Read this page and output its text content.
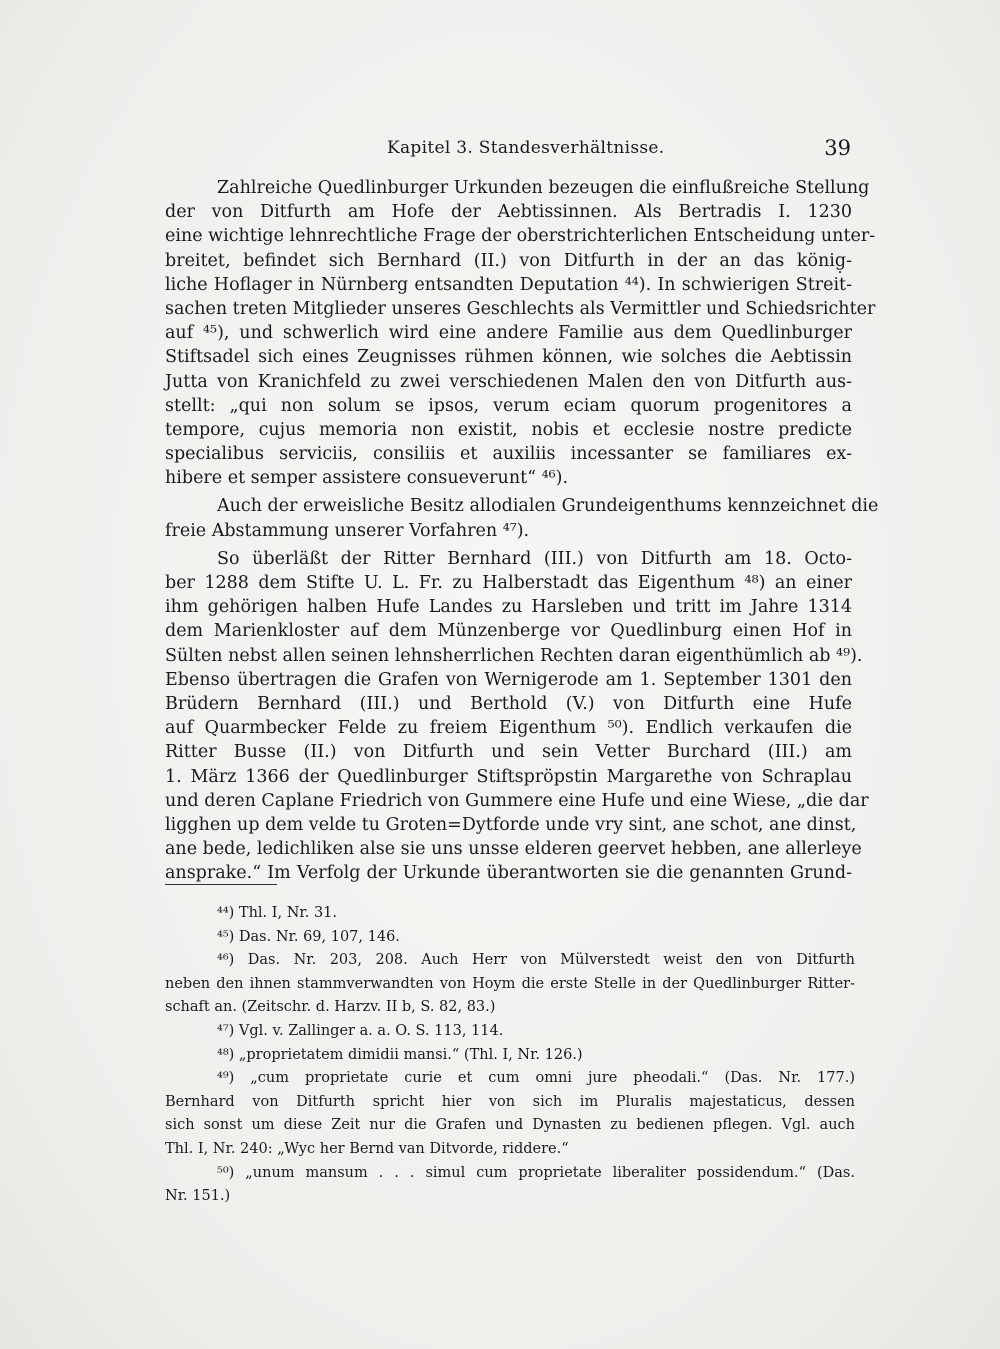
Kapitel 3. Standesverhältnisse.	39
Zahlreiche Quedlinburger Urkunden bezeugen die einflußreiche Stellung
der von Ditfurth am Hofe der Aebtissinnen. Als Bertradis I. 1230
eine wichtige lehnrechtliche Frage der oberstrichterlichen Entscheidung unter-
breitet, befindet sich Bernhard (II.) von Ditfurth in der an das könig̣-
liche Hoflager in Nürnberg entsandten Deputation ⁴⁴). In schwierigen Streit-
sachen treten Mitglieder unseres Geschlechts als Vermittler und Schiedsrichter
auf ⁴⁵), und schwerlich wird eine andere Familie aus dem Quedlinburger
Stiftsadel sich eines Zeugnisses rühmen können, wie solches die Aebtissin
Jutta von Kranichfeld zu zwei verschiedenen Malen den von Ditfurth aus-
stellt: „qui non solum se ipsos, verum eciam quorum progenitores a
tempore, cujus memoria non existit, nobis et ecclesie nostre predicte
specialibus serviciis, consiliis et auxiliis incessanter se familiares ex-
hibere et semper assistere consueverunt“ ⁴⁶).
Auch der erweisliche Besitz allodialen Grundeigenthums kennzeichnet die
freie Abstammung unserer Vorfahren ⁴⁷).
So überläßt der Ritter Bernhard (III.) von Ditfurth am 18. Octo-
ber 1288 dem Stifte U. L. Fr. zu Halberstadt das Eigenthum ⁴⁸) an einer
ihm gehörigen halben Hufe Landes zu Harsleben und tritt im Jahre 1314
dem Marienkloster auf dem Münzenberge vor Quedlinburg einen Hof in
Sülten nebst allen seinen lehnsherrlichen Rechten daran eigenthümlich ab ⁴⁹).
Ebenso übertragen die Grafen von Wernigerode am 1. September 1301 den
Brüdern Bernhard (III.) und Berthold (V.) von Ditfurth eine Hufe
auf Quarmbecker Felde zu freiem Eigenthum ⁵⁰). Endlich verkaufen die
Ritter Busse (II.) von Ditfurth und sein Vetter Burchard (III.) am
1. März 1366 der Quedlinburger Stiftspröpstin Margarethe von Schraplau
und deren Caplane Friedrich von Gummere eine Hufe und eine Wiese, „die dar
ligghen up dem velde tu Groten=Dytforde unde vry sint, ane schot, ane dinst,
ane bede, ledichliken alse sie uns unsse elderen geervet hebben, ane allerleye
ansprake.“ Im Verfolg der Urkunde überantworten sie die genannten Grund-
⁴⁴) Thl. I, Nr. 31.
⁴⁵) Das. Nr. 69, 107, 146.
⁴⁶) Das. Nr. 203, 208. Auch Herr von Mülverstedt weist den von Ditfurth
neben den ihnen stammverwandten von Hoym die erste Stelle in der Quedlinburger Ritter-
schaft an. (Zeitschr. d. Harzv. II b, S. 82, 83.)
⁴⁷) Vgl. v. Zallinger a. a. O. S. 113, 114.
⁴⁸) „proprietatem dimidii mansi.“ (Thl. I, Nr. 126.)
⁴⁹) „cum proprietate curie et cum omni jure pheodali.“ (Das. Nr. 177.)
Bernhard von Ditfurth spricht hier von sich im Pluralis majestaticus, dessen
sich sonst um diese Zeit nur die Grafen und Dynasten zu bedienen pflegen. Vgl. auch
Thl. I, Nr. 240: „Wyc her Bernd van Ditvorde, riddere.“
⁵⁰) „unum mansum . . . simul cum proprietate liberaliter possidendum.“ (Das.
Nr. 151.)
